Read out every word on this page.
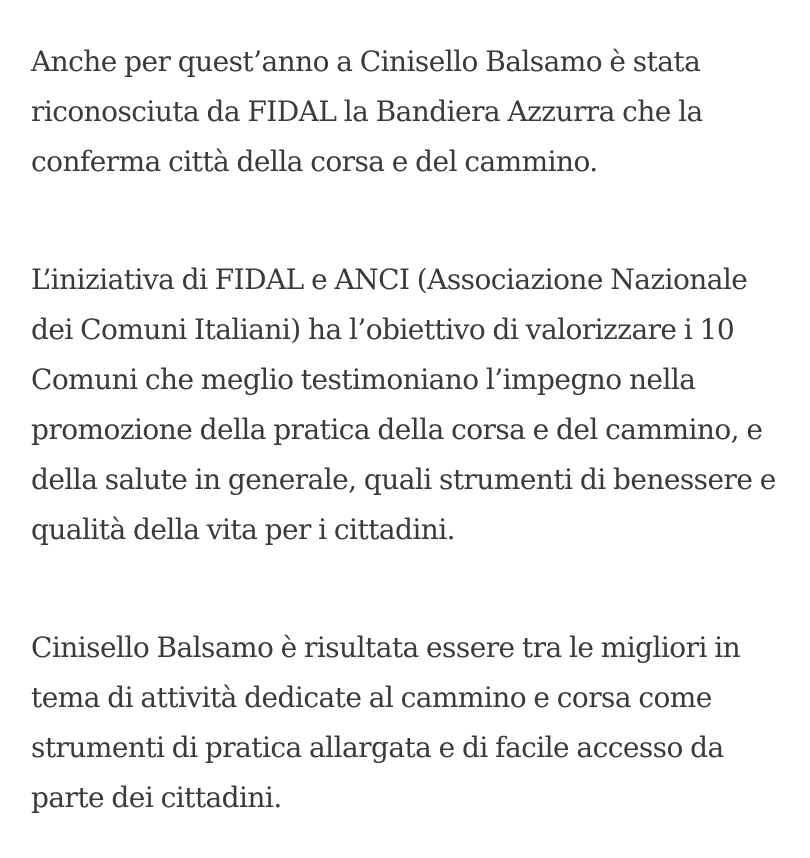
Anche per quest’anno a Cinisello Balsamo è stata
riconosciuta da FIDAL la Bandiera Azzurra che la
conferma città della corsa e del cammino.

L’iniziativa di FIDAL e ANCI (Associazione Nazionale
dei Comuni Italiani) ha l’obiettivo di valorizzare i 10
Comuni che meglio testimoniano l’impegno nella
promozione della pratica della corsa e del cammino, e
della salute in generale, quali strumenti di benessere e
qualità della vita per i cittadini.

Cinisello Balsamo è risultata essere tra le migliori in
tema di attività dedicate al cammino e corsa come
strumenti di pratica allargata e di facile accesso da
parte dei cittadini.
